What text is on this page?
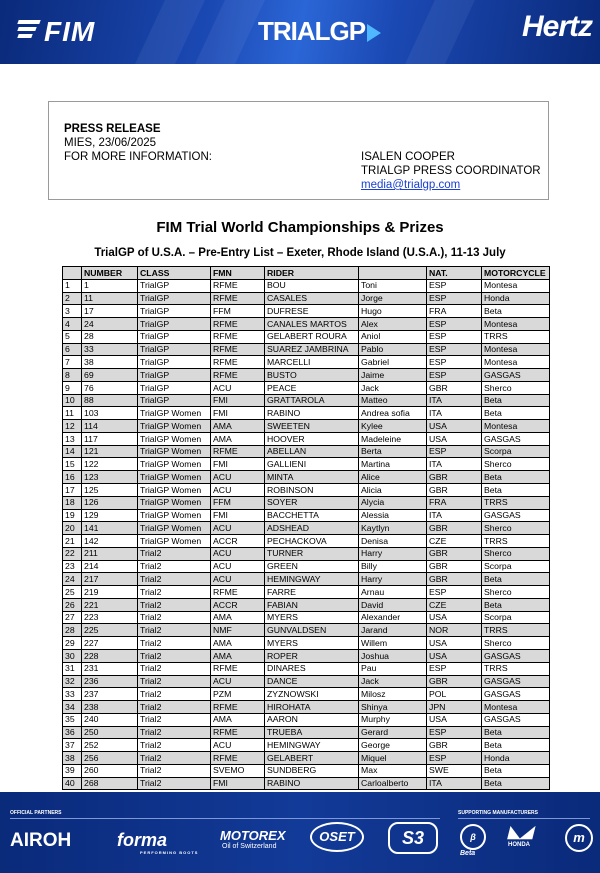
FIM	TRIALGP	Hertz
PRESS RELEASE
MIES, 23/06/2025
FOR MORE INFORMATION:	ISALEN COOPER
TRIALGP PRESS COORDINATOR
media@trialgp.com
FIM Trial World Championships & Prizes
TrialGP of U.S.A. – Pre-Entry List – Exeter, Rhode Island (U.S.A.), 11-13 July
	NUMBER	CLASS	FMN	RIDER		NAT.	MOTORCYCLE
1	1	TrialGP	RFME	BOU	Toni	ESP	Montesa
2	11	TrialGP	RFME	CASALES	Jorge	ESP	Honda
3	17	TrialGP	FFM	DUFRESE	Hugo	FRA	Beta
4	24	TrialGP	RFME	CANALES MARTOS	Alex	ESP	Montesa
5	28	TrialGP	RFME	GELABERT ROURA	Aniol	ESP	TRRS
6	33	TrialGP	RFME	SUAREZ JAMBRINA	Pablo	ESP	Montesa
7	38	TrialGP	RFME	MARCELLI	Gabriel	ESP	Montesa
8	69	TrialGP	RFME	BUSTO	Jaime	ESP	GASGAS
9	76	TrialGP	ACU	PEACE	Jack	GBR	Sherco
10	88	TrialGP	FMI	GRATTAROLA	Matteo	ITA	Beta
11	103	TrialGP Women	FMI	RABINO	Andrea sofia	ITA	Beta
12	114	TrialGP Women	AMA	SWEETEN	Kylee	USA	Montesa
13	117	TrialGP Women	AMA	HOOVER	Madeleine	USA	GASGAS
14	121	TrialGP Women	RFME	ABELLAN	Berta	ESP	Scorpa
15	122	TrialGP Women	FMI	GALLIENI	Martina	ITA	Sherco
16	123	TrialGP Women	ACU	MINTA	Alice	GBR	Beta
17	125	TrialGP Women	ACU	ROBINSON	Alicia	GBR	Beta
18	126	TrialGP Women	FFM	SOYER	Alycia	FRA	TRRS
19	129	TrialGP Women	FMI	BACCHETTA	Alessia	ITA	GASGAS
20	141	TrialGP Women	ACU	ADSHEAD	Kaytlyn	GBR	Sherco
21	142	TrialGP Women	ACCR	PECHACKOVA	Denisa	CZE	TRRS
22	211	Trial2	ACU	TURNER	Harry	GBR	Sherco
23	214	Trial2	ACU	GREEN	Billy	GBR	Scorpa
24	217	Trial2	ACU	HEMINGWAY	Harry	GBR	Beta
25	219	Trial2	RFME	FARRE	Arnau	ESP	Sherco
26	221	Trial2	ACCR	FABIAN	David	CZE	Beta
27	223	Trial2	AMA	MYERS	Alexander	USA	Scorpa
28	225	Trial2	NMF	GUNVALDSEN	Jarand	NOR	TRRS
29	227	Trial2	AMA	MYERS	Willem	USA	Sherco
30	228	Trial2	AMA	ROPER	Joshua	USA	GASGAS
31	231	Trial2	RFME	DINARES	Pau	ESP	TRRS
32	236	Trial2	ACU	DANCE	Jack	GBR	GASGAS
33	237	Trial2	PZM	ZYZNOWSKI	Milosz	POL	GASGAS
34	238	Trial2	RFME	HIROHATA	Shinya	JPN	Montesa
35	240	Trial2	AMA	AARON	Murphy	USA	GASGAS
36	250	Trial2	RFME	TRUEBA	Gerard	ESP	Beta
37	252	Trial2	ACU	HEMINGWAY	George	GBR	Beta
38	256	Trial2	RFME	GELABERT	Miquel	ESP	Honda
39	260	Trial2	SVEMO	SUNDBERG	Max	SWE	Beta
40	268	Trial2	FMI	RABINO	Carloalberto	ITA	Beta
OFFICIAL PARTNERS	SUPPORTING MANUFACTURERS
AIROH	forma
PERFORMING BOOTS
MOTOREX
Oil of Switzerland
OSET	S3	β
Beta
◣◢
HONDA	m
